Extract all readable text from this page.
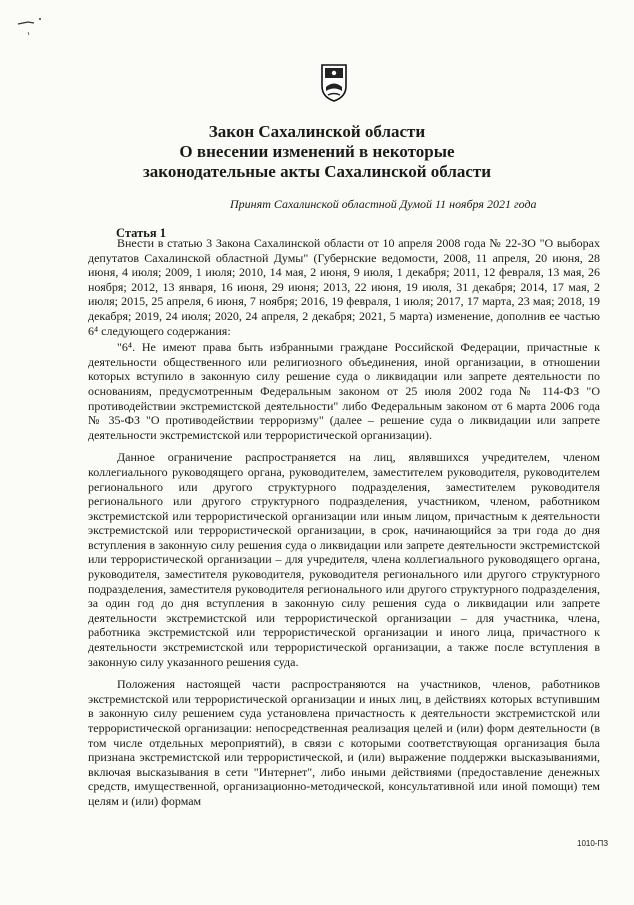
Закон Сахалинской области
О внесении изменений в некоторые
законодательные акты Сахалинской области
Принят Сахалинской областной Думой 11 ноября 2021 года
Статья 1

Внести в статью 3 Закона Сахалинской области от 10 апреля 2008 года № 22-ЗО "О выборах депутатов Сахалинской областной Думы" (Губернские ведомости, 2008, 11 апреля, 20 июня, 28 июня, 4 июля; 2009, 1 июля; 2010, 14 мая, 2 июня, 9 июля, 1 декабря; 2011, 12 февраля, 13 мая, 26 ноября; 2012, 13 января, 16 июня, 29 июня; 2013, 22 июня, 19 июля, 31 декабря; 2014, 17 мая, 2 июля; 2015, 25 апреля, 6 июня, 7 ноября; 2016, 19 февраля, 1 июля; 2017, 17 марта, 23 мая; 2018, 19 декабря; 2019, 24 июля; 2020, 24 апреля, 2 декабря; 2021, 5 марта) изменение, дополнив ее частью 6⁴ следующего содержания:

"6⁴. Не имеют права быть избранными граждане Российской Федерации, причастные к деятельности общественного или религиозного объединения, иной организации, в отношении которых вступило в законную силу решение суда о ликвидации или запрете деятельности по основаниям, предусмотренным Федеральным законом от 25 июля 2002 года № 114-ФЗ "О противодействии экстремистской деятельности" либо Федеральным законом от 6 марта 2006 года № 35-ФЗ "О противодействии терроризму" (далее – решение суда о ликвидации или запрете деятельности экстремистской или террористической организации).

Данное ограничение распространяется на лиц, являвшихся учредителем, членом коллегиального руководящего органа, руководителем, заместителем руководителя, руководителем регионального или другого структурного подразделения, заместителем руководителя регионального или другого структурного подразделения, участником, членом, работником экстремистской или террористической организации или иным лицом, причастным к деятельности экстремистской или террористической организации, в срок, начинающийся за три года до дня вступления в законную силу решения суда о ликвидации или запрете деятельности экстремистской или террористической организации – для учредителя, члена коллегиального руководящего органа, руководителя, заместителя руководителя, руководителя регионального или другого структурного подразделения, заместителя руководителя регионального или другого структурного подразделения, за один год до дня вступления в законную силу решения суда о ликвидации или запрете деятельности экстремистской или террористической организации – для участника, члена, работника экстремистской или террористической организации и иного лица, причастного к деятельности экстремистской или террористической организации, а также после вступления в законную силу указанного решения суда.

Положения настоящей части распространяются на участников, членов, работников экстремистской или террористической организации и иных лиц, в действиях которых вступившим в законную силу решением суда установлена причастность к деятельности экстремистской или террористической организации: непосредственная реализация целей и (или) форм деятельности (в том числе отдельных мероприятий), в связи с которыми соответствующая организация была признана экстремистской или террористической, и (или) выражение поддержки высказываниями, включая высказывания в сети "Интернет", либо иными действиями (предоставление денежных средств, имущественной, организационно-методической, консультативной или иной помощи) тем целям и (или) формам

1010-ПЗ
